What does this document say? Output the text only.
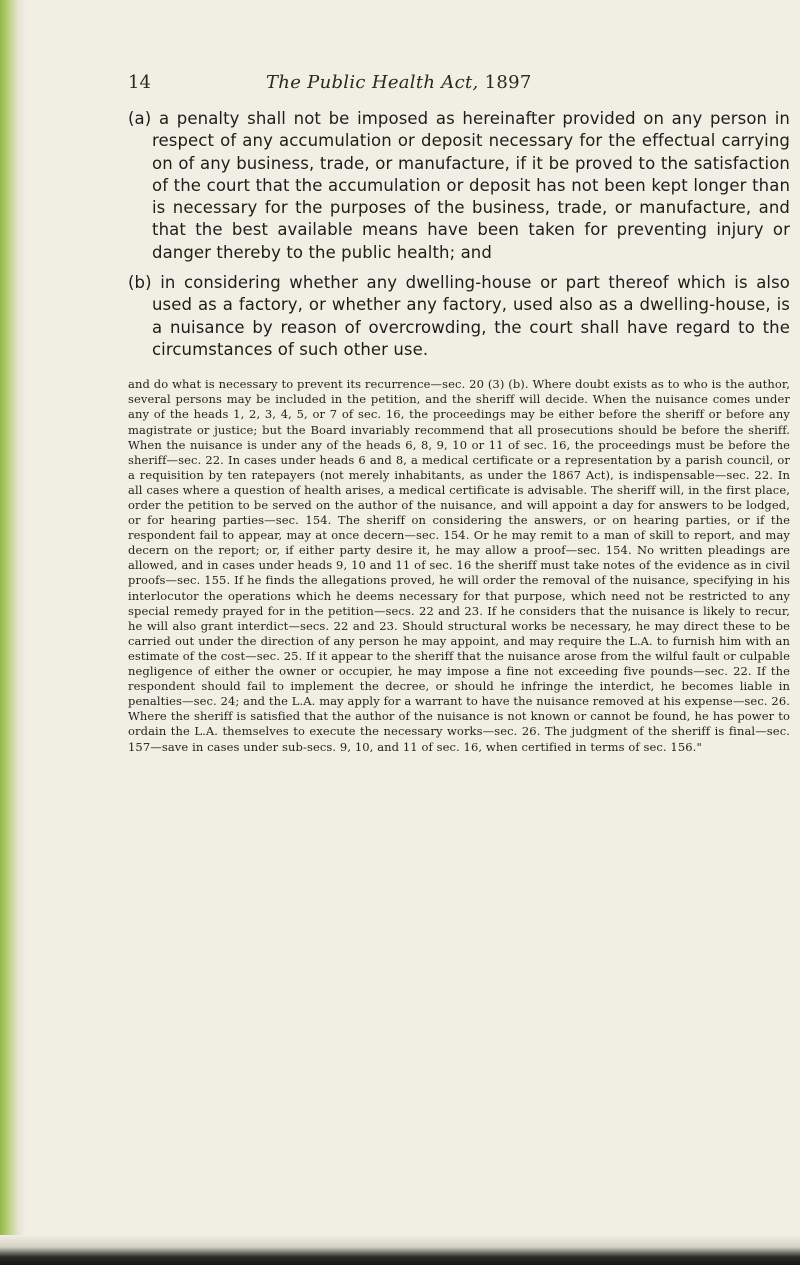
14	The Public Health Act, 1897

(a) a penalty shall not be imposed as hereinafter provided on any person in respect of any accumulation or deposit necessary for the effectual carrying on of any business, trade, or manufacture, if it be proved to the satisfaction of the court that the accumulation or deposit has not been kept longer than is necessary for the purposes of the business, trade, or manufacture, and that the best available means have been taken for preventing injury or danger thereby to the public health; and

(b) in considering whether any dwelling-house or part thereof which is also used as a factory, or whether any factory, used also as a dwelling-house, is a nuisance by reason of overcrowding, the court shall have regard to the circumstances of such other use.

and do what is necessary to prevent its recurrence—sec. 20 (3) (b). Where doubt exists as to who is the author, several persons may be included in the petition, and the sheriff will decide. When the nuisance comes under any of the heads 1, 2, 3, 4, 5, or 7 of sec. 16, the proceedings may be either before the sheriff or before any magistrate or justice; but the Board invariably recommend that all prosecutions should be before the sheriff. When the nuisance is under any of the heads 6, 8, 9, 10 or 11 of sec. 16, the proceedings must be before the sheriff—sec. 22. In cases under heads 6 and 8, a medical certificate or a representation by a parish council, or a requisition by ten ratepayers (not merely inhabitants, as under the 1867 Act), is indispensable—sec. 22. In all cases where a question of health arises, a medical certificate is advisable. The sheriff will, in the first place, order the petition to be served on the author of the nuisance, and will appoint a day for answers to be lodged, or for hearing parties—sec. 154. The sheriff on considering the answers, or on hearing parties, or if the respondent fail to appear, may at once decern—sec. 154. Or he may remit to a man of skill to report, and may decern on the report; or, if either party desire it, he may allow a proof—sec. 154. No written pleadings are allowed, and in cases under heads 9, 10 and 11 of sec. 16 the sheriff must take notes of the evidence as in civil proofs—sec. 155. If he finds the allegations proved, he will order the removal of the nuisance, specifying in his interlocutor the operations which he deems necessary for that purpose, which need not be restricted to any special remedy prayed for in the petition—secs. 22 and 23. If he considers that the nuisance is likely to recur, he will also grant interdict—secs. 22 and 23. Should structural works be necessary, he may direct these to be carried out under the direction of any person he may appoint, and may require the L.A. to furnish him with an estimate of the cost—sec. 25. If it appear to the sheriff that the nuisance arose from the wilful fault or culpable negligence of either the owner or occupier, he may impose a fine not exceeding five pounds—sec. 22. If the respondent should fail to implement the decree, or should he infringe the interdict, he becomes liable in penalties—sec. 24; and the L.A. may apply for a warrant to have the nuisance removed at his expense—sec. 26. Where the sheriff is satisfied that the author of the nuisance is not known or cannot be found, he has power to ordain the L.A. themselves to execute the necessary works—sec. 26. The judgment of the sheriff is final—sec. 157—save in cases under sub-secs. 9, 10, and 11 of sec. 16, when certified in terms of sec. 156."
